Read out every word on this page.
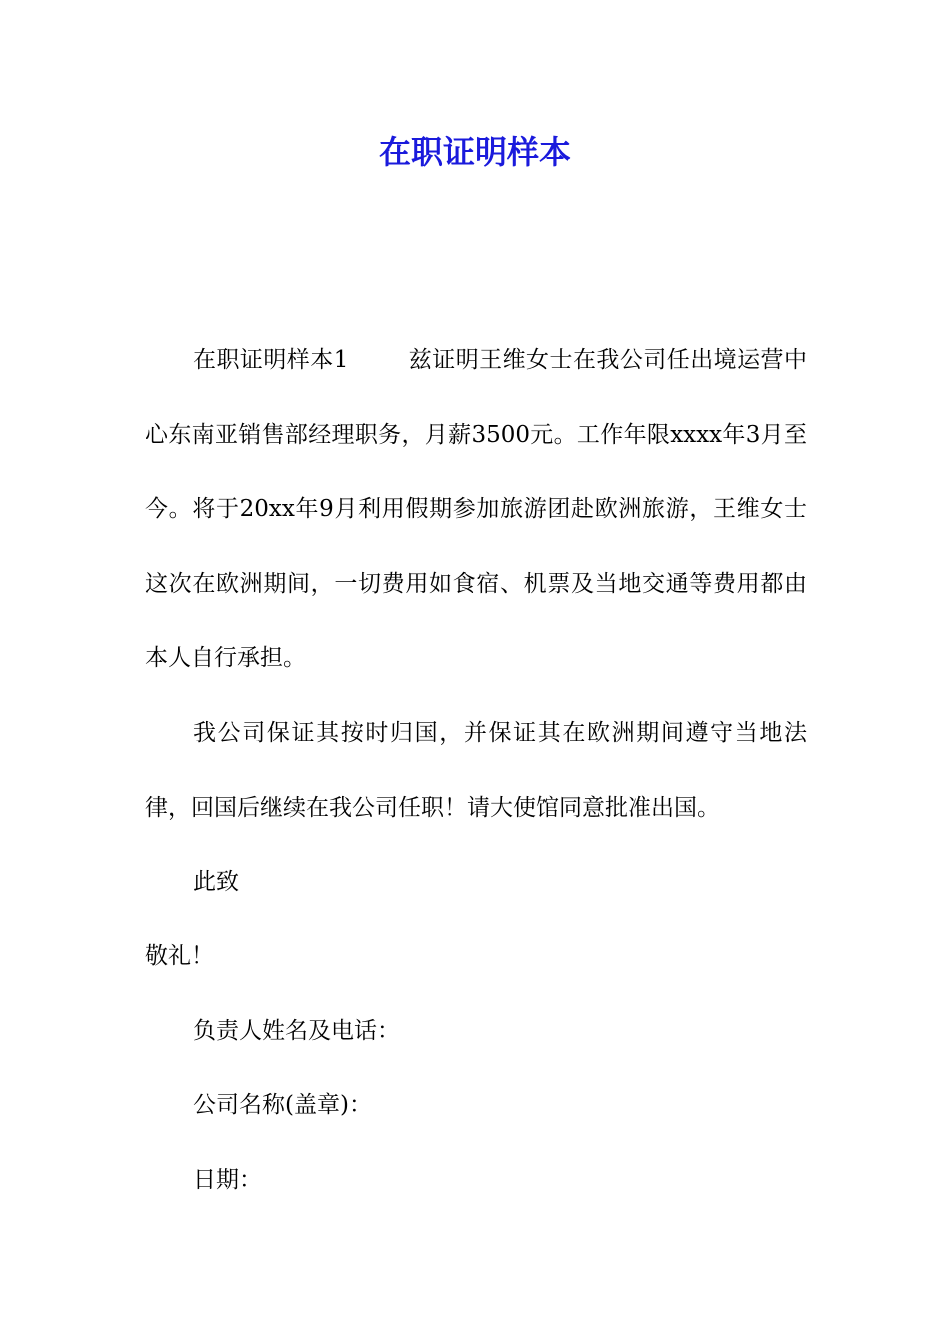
在职证明样本

在职证明样本1	兹证明王维女士在我公司任出境运营中心东南亚销售部经理职务，月薪3500元。工作年限xxxx年3月至今。将于20xx年9月利用假期参加旅游团赴欧洲旅游，王维女士这次在欧洲期间，一切费用如食宿、机票及当地交通等费用都由本人自行承担。

我公司保证其按时归国，并保证其在欧洲期间遵守当地法律，回国后继续在我公司任职！请大使馆同意批准出国。

此致

敬礼！

负责人姓名及电话：

公司名称(盖章)：

日期：
